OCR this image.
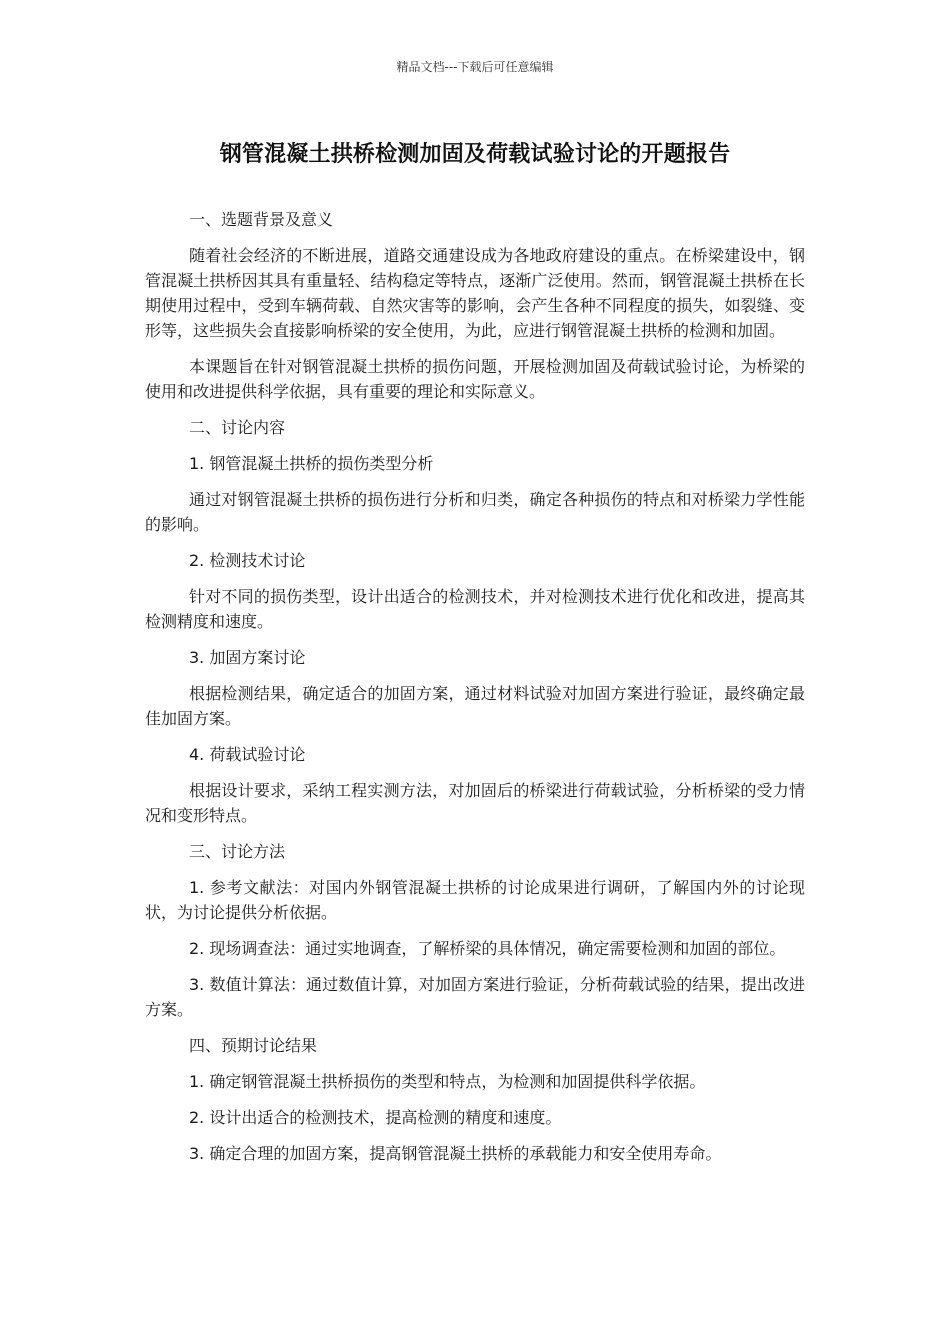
精品文档---下载后可任意编辑
钢管混凝土拱桥检测加固及荷载试验讨论的开题报告
一、选题背景及意义

随着社会经济的不断进展，道路交通建设成为各地政府建设的重点。在桥梁建设中，钢管混凝土拱桥因其具有重量轻、结构稳定等特点，逐渐广泛使用。然而，钢管混凝土拱桥在长期使用过程中，受到车辆荷载、自然灾害等的影响，会产生各种不同程度的损失，如裂缝、变形等，这些损失会直接影响桥梁的安全使用，为此，应进行钢管混凝土拱桥的检测和加固。

本课题旨在针对钢管混凝土拱桥的损伤问题，开展检测加固及荷载试验讨论，为桥梁的使用和改进提供科学依据，具有重要的理论和实际意义。

二、讨论内容
1. 钢管混凝土拱桥的损伤类型分析

通过对钢管混凝土拱桥的损伤进行分析和归类，确定各种损伤的特点和对桥梁力学性能的影响。

2. 检测技术讨论

针对不同的损伤类型，设计出适合的检测技术，并对检测技术进行优化和改进，提高其检测精度和速度。

3. 加固方案讨论

根据检测结果，确定适合的加固方案，通过材料试验对加固方案进行验证，最终确定最佳加固方案。

4. 荷载试验讨论

根据设计要求，采纳工程实测方法，对加固后的桥梁进行荷载试验，分析桥梁的受力情况和变形特点。

三、讨论方法

1. 参考文献法：对国内外钢管混凝土拱桥的讨论成果进行调研，了解国内外的讨论现状，为讨论提供分析依据。

2. 现场调查法：通过实地调查，了解桥梁的具体情况，确定需要检测和加固的部位。

3. 数值计算法：通过数值计算，对加固方案进行验证，分析荷载试验的结果，提出改进方案。

四、预期讨论结果

1. 确定钢管混凝土拱桥损伤的类型和特点，为检测和加固提供科学依据。

2. 设计出适合的检测技术，提高检测的精度和速度。

3. 确定合理的加固方案，提高钢管混凝土拱桥的承载能力和安全使用寿命。
